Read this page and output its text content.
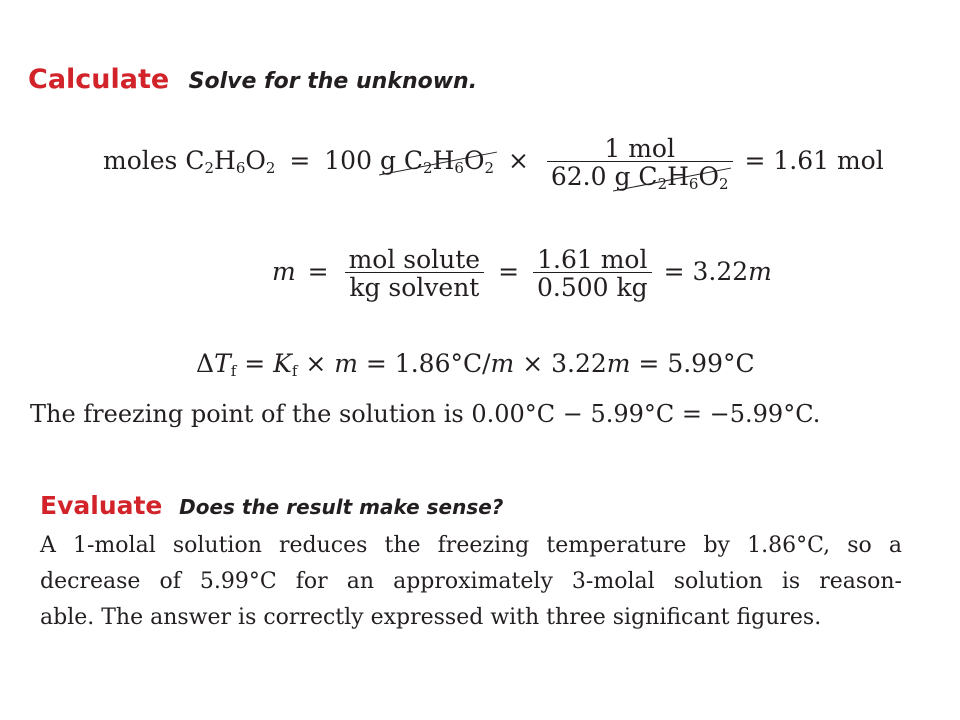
Calculate Solve for the unknown.
moles $C_2H_6O_2 = 100$ g $C_2H_6O_2 \times \frac{\text{1 mol}}{62.0 g C_2H_6O_2} = 1.61$ mol
$m = \frac{\text{mol solute}}{\text{kg solvent}} = \frac{\text{1.61 mol}}{0.500 kg} = 3.22m$
$\Delta T_f = K_f \times m = 1.86^\circ C/m \times 3.22m = 5.99^\circ C$
The freezing point of the solution is 0.00°C − 5.99°C = −5.99°C.
Evaluate Does the result make sense?
A 1-molal solution reduces the freezing temperature by 1.86°C, so a
decrease of 5.99°C for an approximately 3-molal solution is reason-
able. The answer is correctly expressed with three significant figures.
